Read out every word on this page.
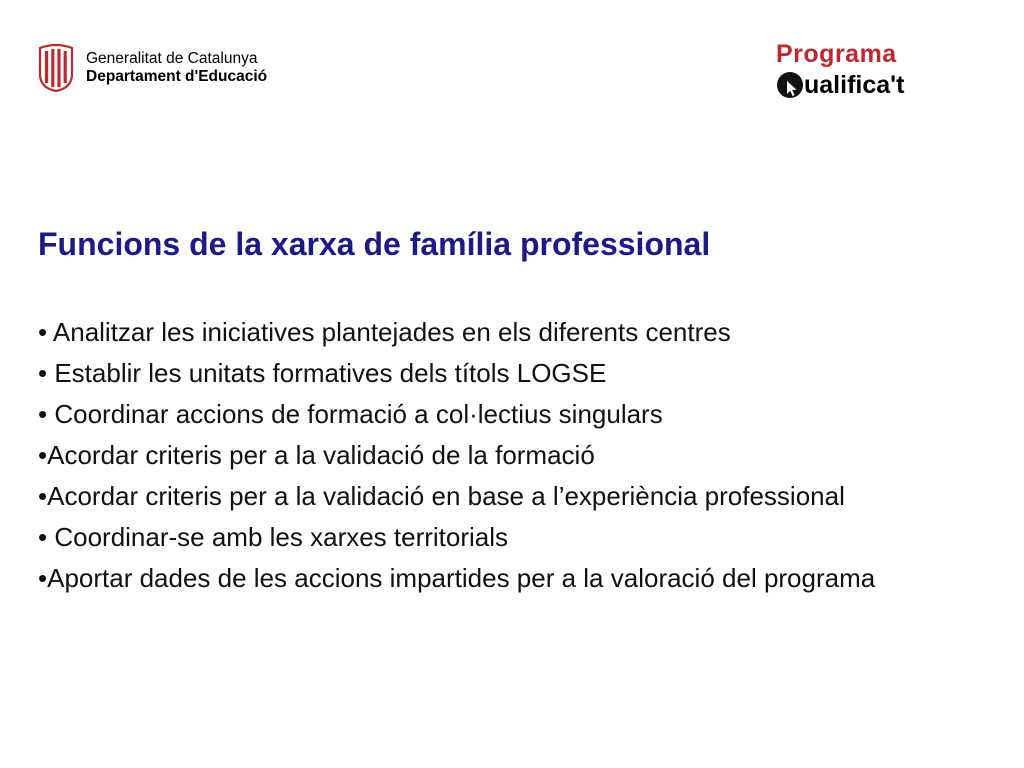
Generalitat de Catalunya
Departament d'Educació
Programa
ualifica't
Funcions de la xarxa de família professional
• Analitzar les iniciatives plantejades en els diferents centres
• Establir les unitats formatives dels títols LOGSE
• Coordinar accions de formació a col·lectius singulars
•Acordar criteris per a la validació de la formació
•Acordar criteris per a la validació en base a l’experiència professional
• Coordinar-se amb les xarxes territorials
•Aportar dades de les accions impartides per a la valoració del programa
